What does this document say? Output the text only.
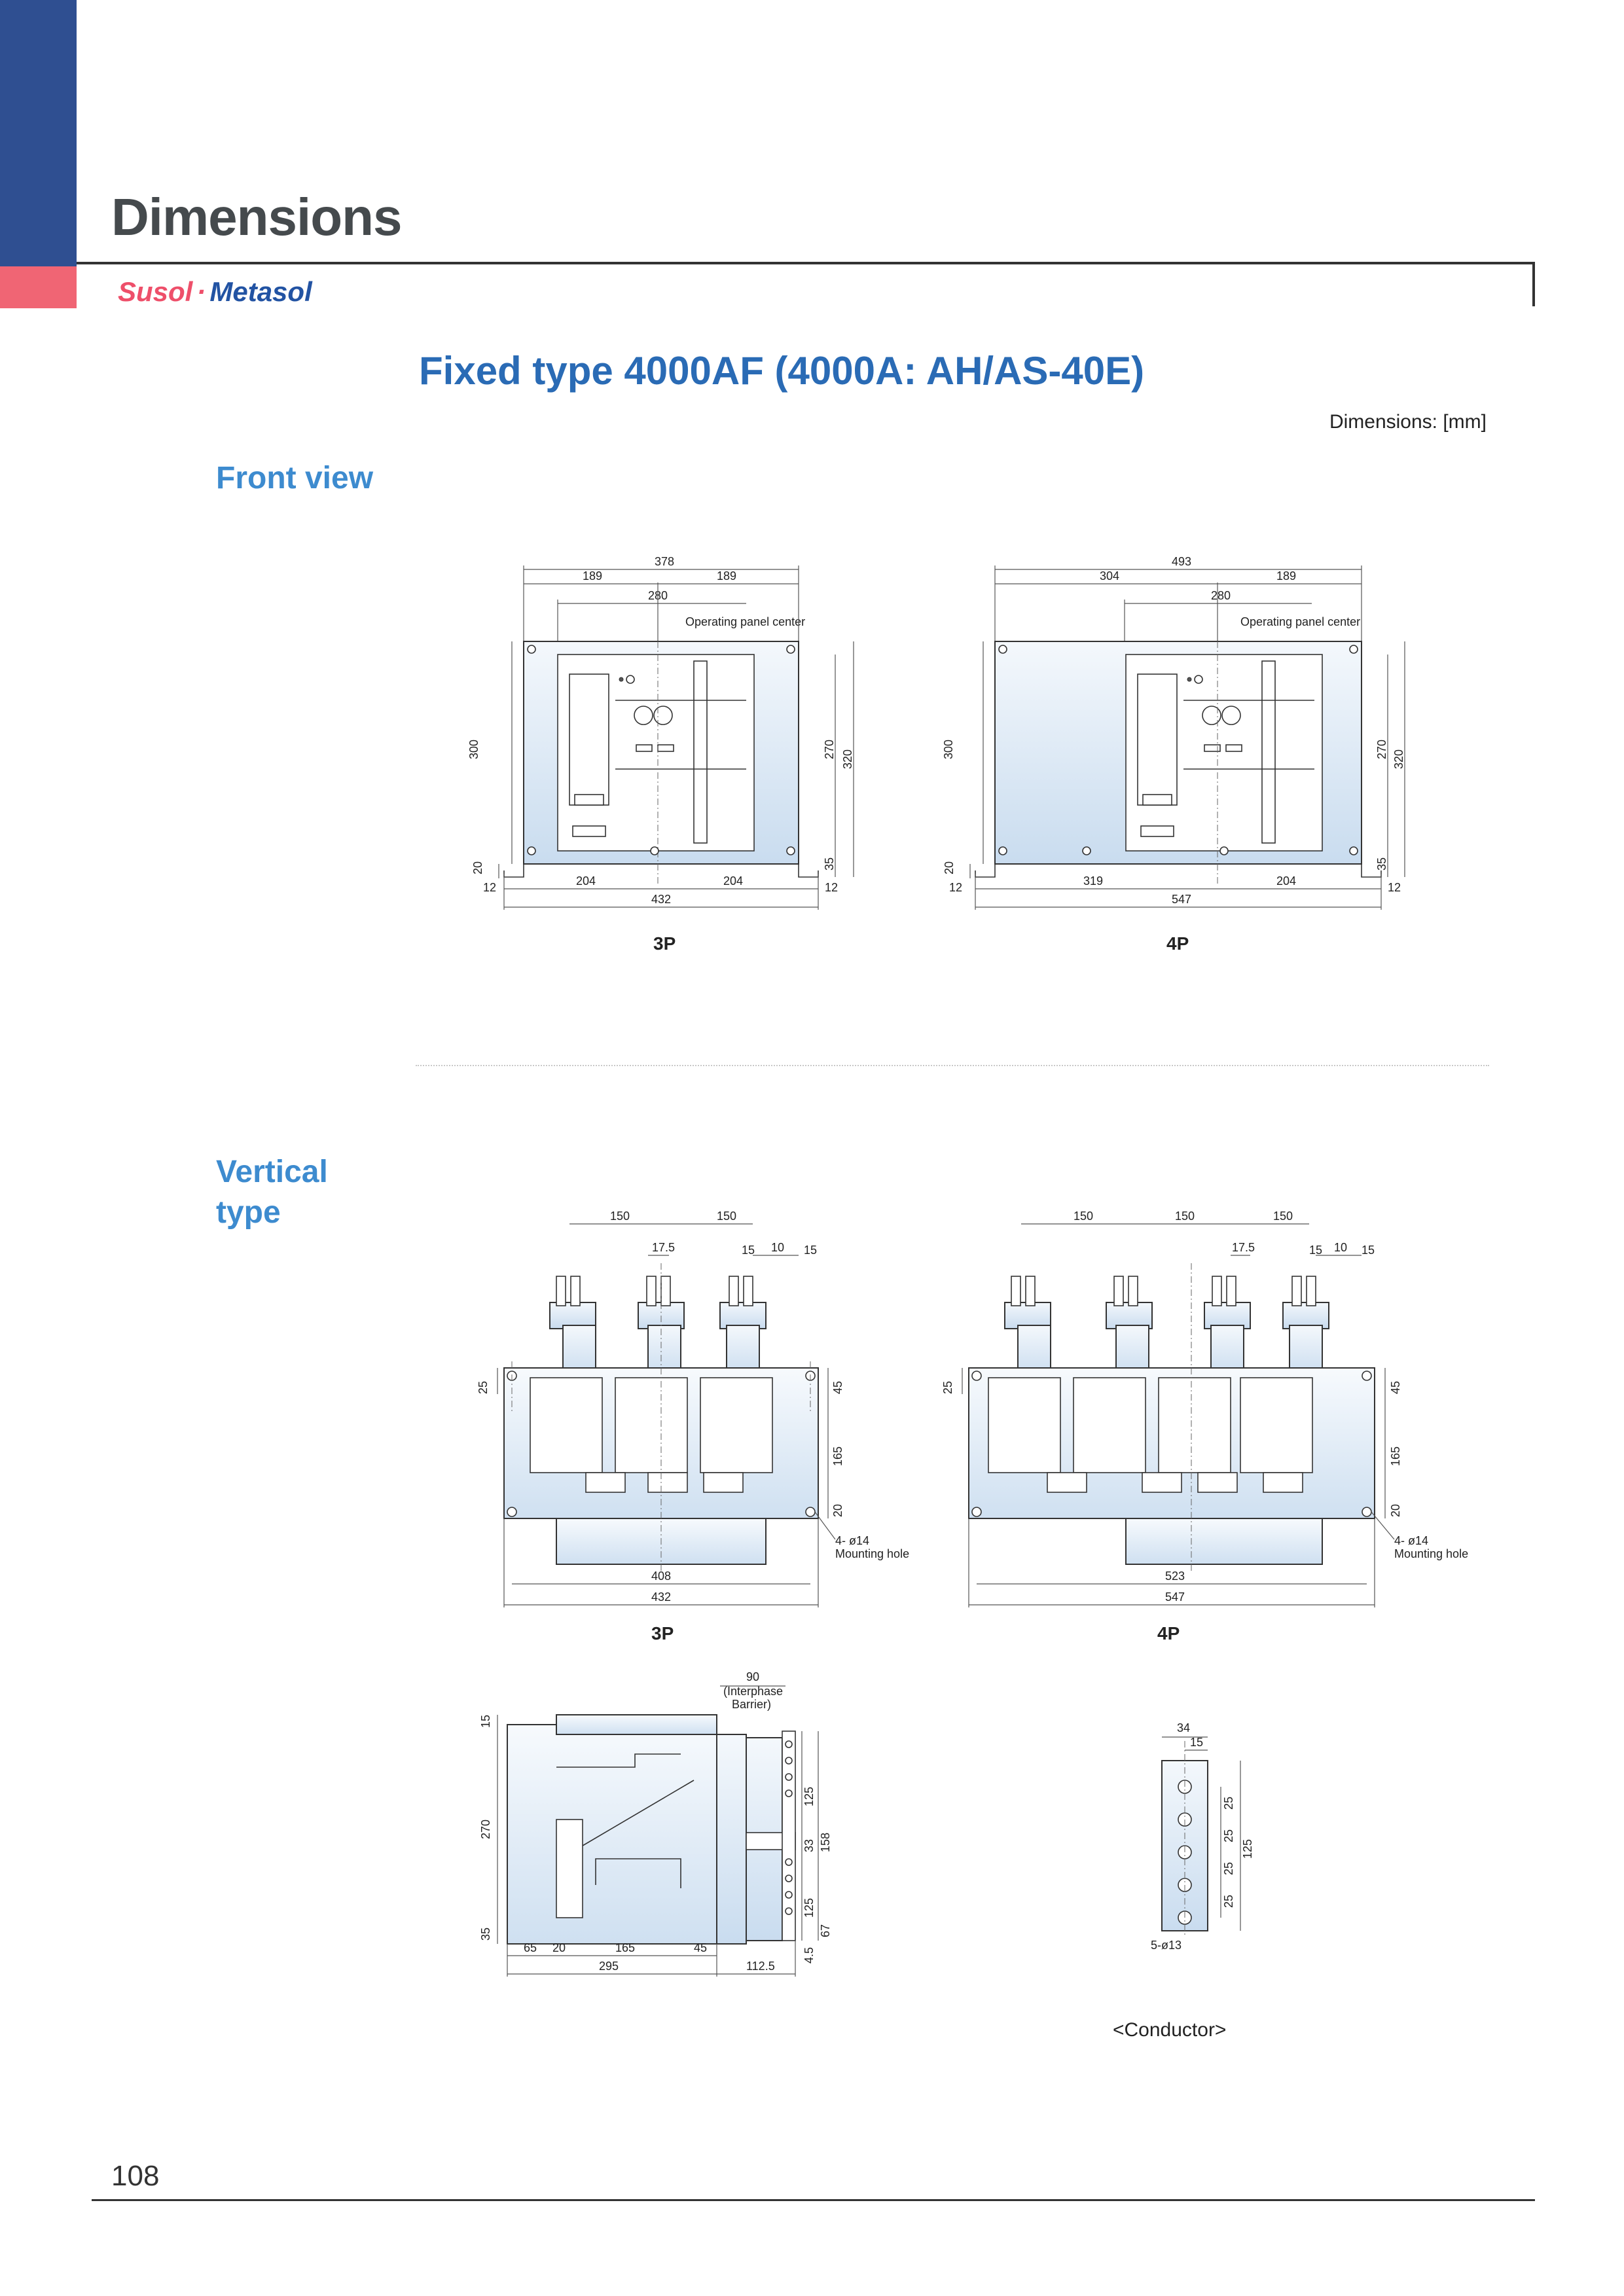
Dimensions
Susol · Metasol
Fixed type 4000AF (4000A: AH/AS-40E)
Dimensions: [mm]
Front view
Vertical
type
378
189	189
280
Operating panel center
300
20
270 320
35
12	204	204	12
432
3P
493
304	189
280
Operating panel center
300
20
270 320
35
12	319	204	12
547
4P
150	150
17.5	15 10 15
25	45
165
20
4- ø14
Mounting hole
408
432
3P
150	150	150
17.5	15 10 15
25	45
165
20
4- ø14
Mounting hole
523
547
4P
90
(Interphase
Barrier)
15
270
35
125
33 158
125
67
4.5
65 20	165	45
295	112.5
34
15
25
25
25
25
125
5-ø13
<Conductor>
108
